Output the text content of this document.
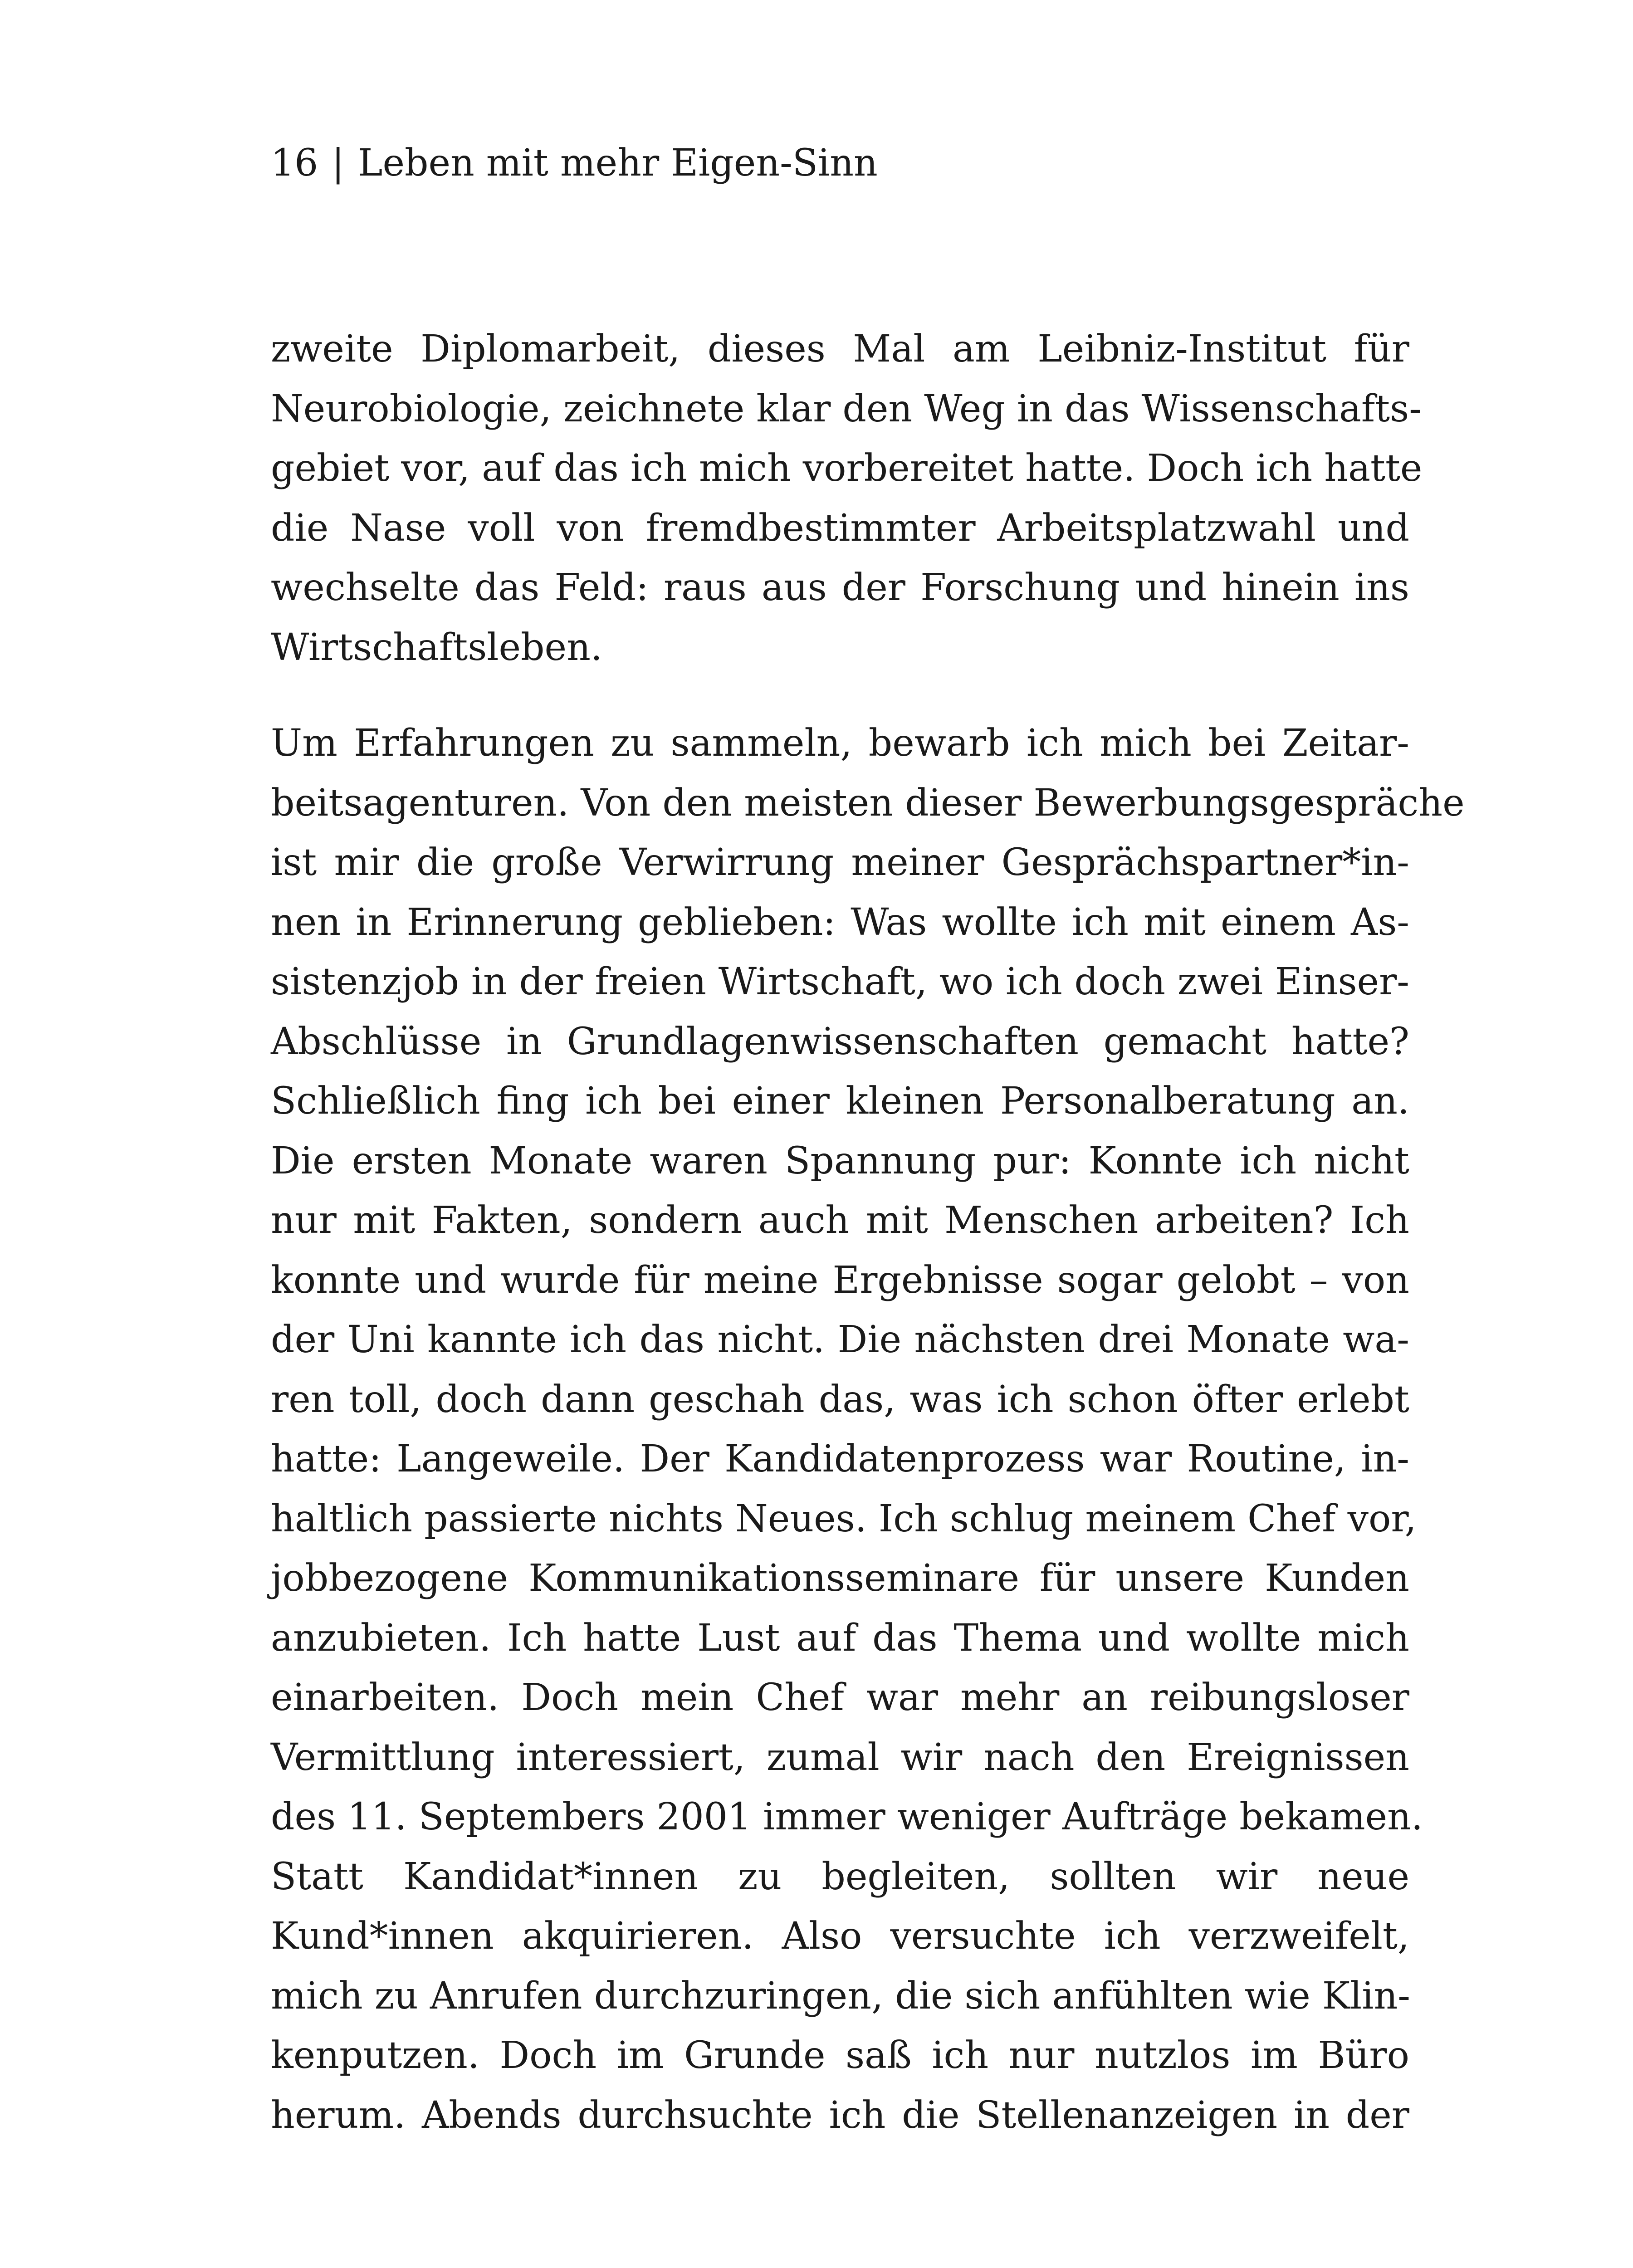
16 | Leben mit mehr Eigen-Sinn

zweite Diplomarbeit, dieses Mal am Leibniz-Institut für

Neurobiologie, zeichnete klar den Weg in das Wissenschafts-

gebiet vor, auf das ich mich vorbereitet hatte. Doch ich hatte

die Nase voll von fremdbestimmter Arbeitsplatzwahl und

wechselte das Feld: raus aus der Forschung und hinein ins

Wirtschaftsleben.

Um Erfahrungen zu sammeln, bewarb ich mich bei Zeitar-

beitsagenturen. Von den meisten dieser Bewerbungsgespräche

ist mir die große Verwirrung meiner Gesprächspartner*in-

nen in Erinnerung geblieben: Was wollte ich mit einem As-

sistenzjob in der freien Wirtschaft, wo ich doch zwei Einser-

Abschlüsse in Grundlagenwissenschaften gemacht hatte?

Schließlich fing ich bei einer kleinen Personalberatung an.

Die ersten Monate waren Spannung pur: Konnte ich nicht

nur mit Fakten, sondern auch mit Menschen arbeiten? Ich

konnte und wurde für meine Ergebnisse sogar gelobt – von

der Uni kannte ich das nicht. Die nächsten drei Monate wa-

ren toll, doch dann geschah das, was ich schon öfter erlebt

hatte: Langeweile. Der Kandidatenprozess war Routine, in-

haltlich passierte nichts Neues. Ich schlug meinem Chef vor,

jobbezogene Kommunikationsseminare für unsere Kunden

anzubieten. Ich hatte Lust auf das Thema und wollte mich

einarbeiten. Doch mein Chef war mehr an reibungsloser

Vermittlung interessiert, zumal wir nach den Ereignissen

des 11. Septembers 2001 immer weniger Aufträge bekamen.

Statt Kandidat*innen zu begleiten, sollten wir neue

Kund*innen akquirieren. Also versuchte ich verzweifelt,

mich zu Anrufen durchzuringen, die sich anfühlten wie Klin-

kenputzen. Doch im Grunde saß ich nur nutzlos im Büro

herum. Abends durchsuchte ich die Stellenanzeigen in der
